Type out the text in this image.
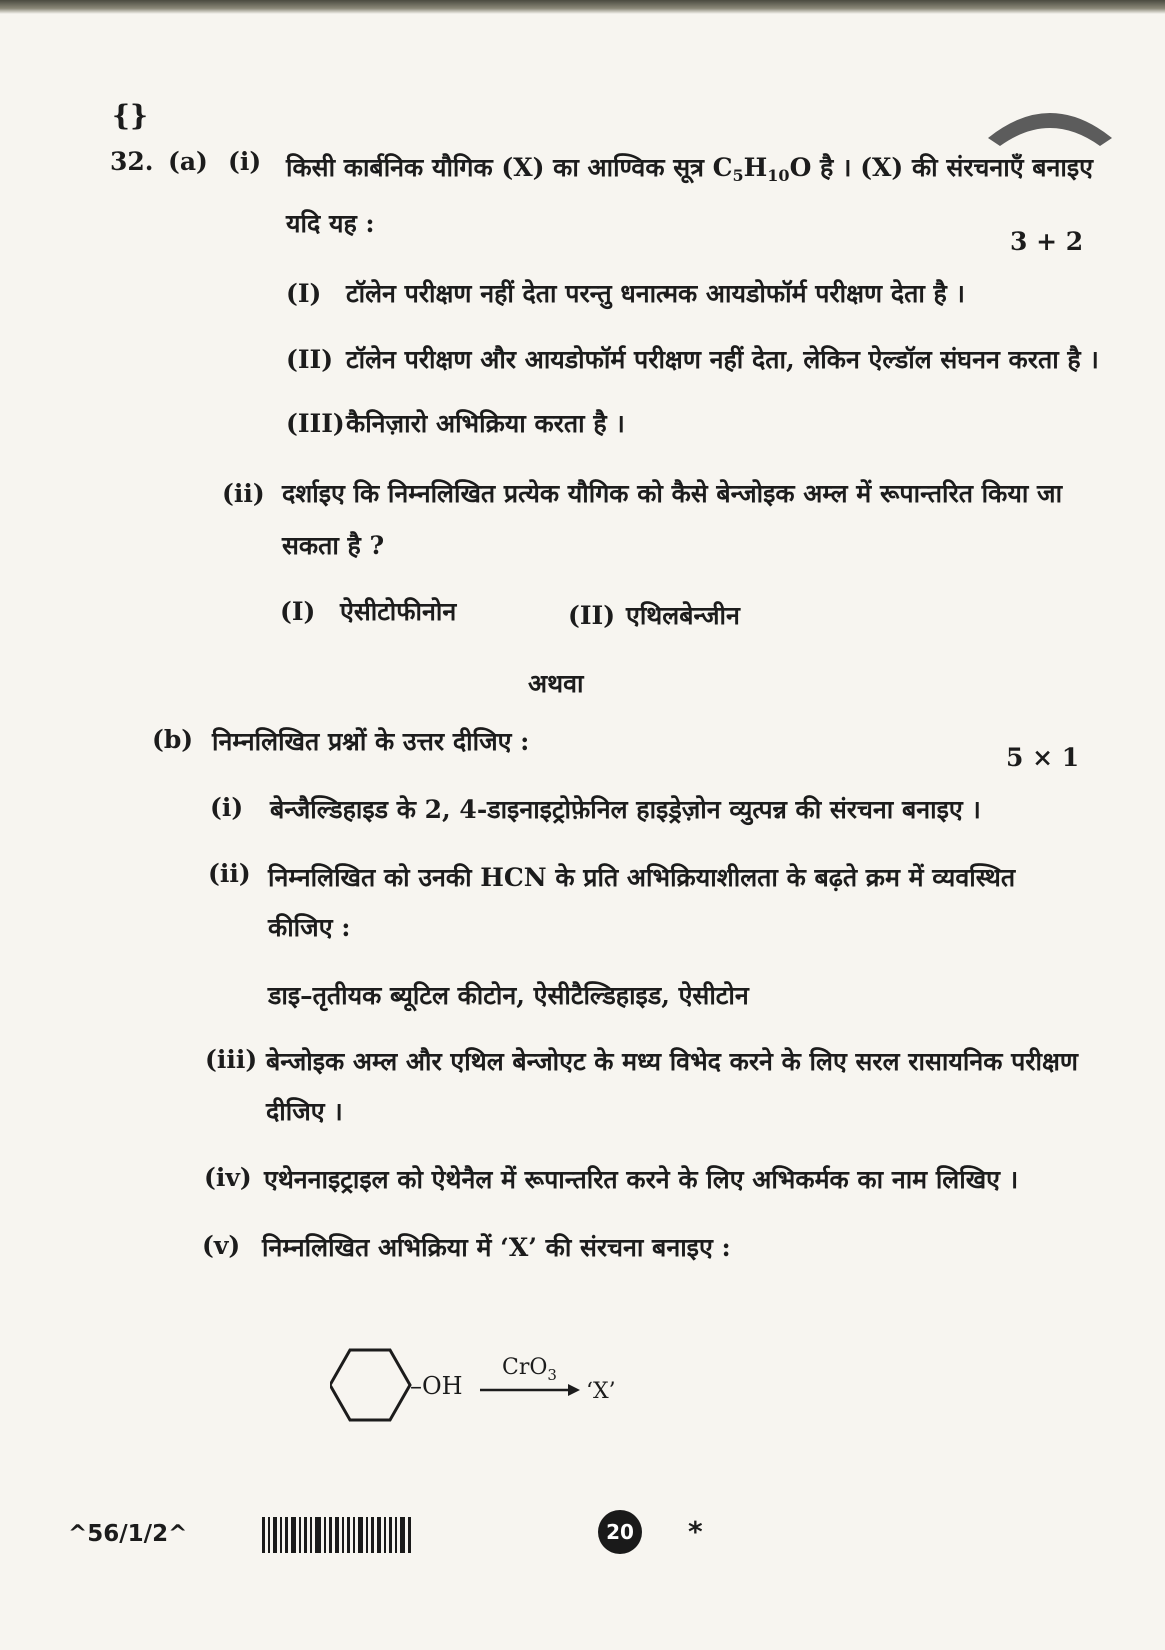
{}
32. (a) (i) किसी कार्बनिक यौगिक (X) का आण्विक सूत्र $C_5H_{10}O$ है । (X) की संरचनाएँ बनाइए
यदि यह :
3 + 2
(I) टॉलेन परीक्षण नहीं देता परन्तु धनात्मक आयडोफॉर्म परीक्षण देता है ।
(II) टॉलेन परीक्षण और आयडोफॉर्म परीक्षण नहीं देता, लेकिन ऐल्डॉल संघनन करता है ।
(III) कैनिज़ारो अभिक्रिया करता है ।
(ii) दर्शाइए कि निम्नलिखित प्रत्येक यौगिक को कैसे बेन्जोइक अम्ल में रूपान्तरित किया जा
सकता है ?
(I) ऐसीटोफीनोन	(II) एथिलबेन्जीन
अथवा
(b) निम्नलिखित प्रश्नों के उत्तर दीजिए :
5 × 1
(i) बेन्जैल्डिहाइड के 2, 4-डाइनाइट्रोफ़ेनिल हाइड्रेज़ोन व्युत्पन्न की संरचना बनाइए ।
(ii) निम्नलिखित को उनकी HCN के प्रति अभिक्रियाशीलता के बढ़ते क्रम में व्यवस्थित
कीजिए :
डाइ–तृतीयक ब्यूटिल कीटोन, ऐसीटैल्डिहाइड, ऐसीटोन
(iii) बेन्जोइक अम्ल और एथिल बेन्जोएट के मध्य विभेद करने के लिए सरल रासायनिक परीक्षण
दीजिए ।
(iv) एथेननाइट्राइल को ऐथेनैल में रूपान्तरित करने के लिए अभिकर्मक का नाम लिखिए ।
(v) निम्नलिखित अभिक्रिया में ‘X’ की संरचना बनाइए :
–OH
CrO$_3$
‘X’
^56/1/2^	20 *
